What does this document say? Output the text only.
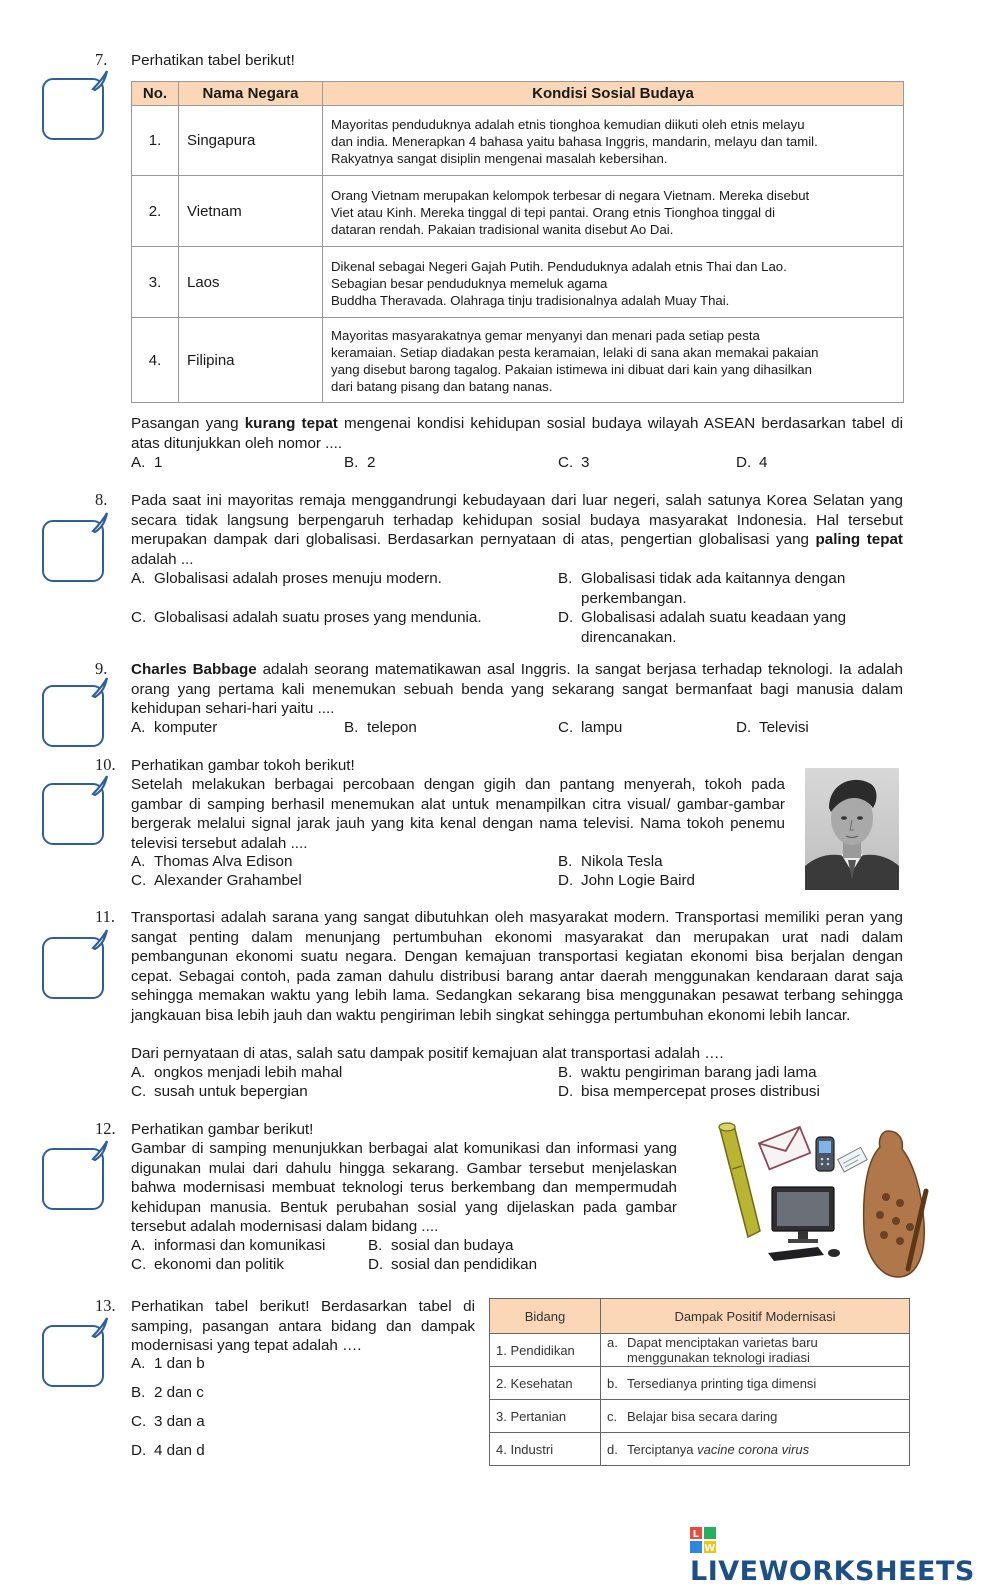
7. Perhatikan tabel berikut!
No.	Nama Negara	Kondisi Sosial Budaya
1.	Singapura	Mayoritas penduduknya adalah etnis tionghoa kemudian diikuti oleh etnis melayu
dan india. Menerapkan 4 bahasa yaitu bahasa Inggris, mandarin, melayu dan tamil.
Rakyatnya sangat disiplin mengenai masalah kebersihan.

2.	Vietnam	Orang Vietnam merupakan kelompok terbesar di negara Vietnam. Mereka disebut
Viet atau Kinh. Mereka tinggal di tepi pantai. Orang etnis Tionghoa tinggal di
dataran rendah. Pakaian tradisional wanita disebut Ao Dai.

3.	Laos	Dikenal sebagai Negeri Gajah Putih. Penduduknya adalah etnis Thai dan Lao.
Sebagian besar penduduknya memeluk agama
Buddha Theravada. Olahraga tinju tradisionalnya adalah Muay Thai.

4.	Filipina	Mayoritas masyarakatnya gemar menyanyi dan menari pada setiap pesta
keramaian. Setiap diadakan pesta keramaian, lelaki di sana akan memakai pakaian
yang disebut barong tagalog. Pakaian istimewa ini dibuat dari kain yang dihasilkan
dari batang pisang dan batang nanas.

Pasangan yang kurang tepat mengenai kondisi kehidupan sosial budaya wilayah ASEAN berdasarkan tabel di atas ditunjukkan oleh nomor ....

A. 1	B. 2	C. 3	D. 4
8. Pada saat ini mayoritas remaja menggandrungi kebudayaan dari luar negeri, salah satunya Korea Selatan yang secara tidak langsung berpengaruh terhadap kehidupan sosial budaya masyarakat Indonesia. Hal tersebut merupakan dampak dari globalisasi. Berdasarkan pernyataan di atas, pengertian globalisasi yang paling tepat adalah ...

A. Globalisasi adalah proses menuju modern.	B. Globalisasi tidak ada kaitannya dengan perkembangan.
C. Globalisasi adalah suatu proses yang mendunia.	D. Globalisasi adalah suatu keadaan yang direncanakan.
9. Charles Babbage adalah seorang matematikawan asal Inggris. Ia sangat berjasa terhadap teknologi. Ia adalah orang yang pertama kali menemukan sebuah benda yang sekarang sangat bermanfaat bagi manusia dalam kehidupan sehari-hari yaitu ....

A. komputer	B. telepon	C. lampu	D. Televisi
10. Perhatikan gambar tokoh berikut!

Setelah melakukan berbagai percobaan dengan gigih dan pantang menyerah, tokoh pada gambar di samping berhasil menemukan alat untuk menampilkan citra visual/ gambar-gambar bergerak melalui signal jarak jauh yang kita kenal dengan nama televisi. Nama tokoh penemu televisi tersebut adalah ....

A. Thomas Alva Edison	B. Nikola Tesla
C. Alexander Grahambel	D. John Logie Baird
11. Transportasi adalah sarana yang sangat dibutuhkan oleh masyarakat modern. Transportasi memiliki peran yang sangat penting dalam menunjang pertumbuhan ekonomi masyarakat dan merupakan urat nadi dalam pembangunan ekonomi suatu negara. Dengan kemajuan transportasi kegiatan ekonomi bisa berjalan dengan cepat. Sebagai contoh, pada zaman dahulu distribusi barang antar daerah menggunakan kendaraan darat saja sehingga memakan waktu yang lebih lama. Sedangkan sekarang bisa menggunakan pesawat terbang sehingga jangkauan bisa lebih jauh dan waktu pengiriman lebih singkat sehingga pertumbuhan ekonomi lebih lancar.

Dari pernyataan di atas, salah satu dampak positif kemajuan alat transportasi adalah ….
A. ongkos menjadi lebih mahal	B. waktu pengiriman barang jadi lama
C. susah untuk bepergian	D. bisa mempercepat proses distribusi
12. Perhatikan gambar berikut!

Gambar di samping menunjukkan berbagai alat komunikasi dan informasi yang digunakan mulai dari dahulu hingga sekarang. Gambar tersebut menjelaskan bahwa modernisasi membuat teknologi terus berkembang dan mempermudah kehidupan manusia. Bentuk perubahan sosial yang dijelaskan pada gambar tersebut adalah modernisasi dalam bidang ....

A. informasi dan komunikasi	B. sosial dan budaya
C. ekonomi dan politik	D. sosial dan pendidikan
13. Perhatikan tabel berikut! Berdasarkan tabel di samping, pasangan antara bidang dan dampak modernisasi yang tepat adalah ….

A. 1 dan b
B. 2 dan c
C. 3 dan a
D. 4 dan d
Bidang	Dampak Positif Modernisasi
1. Pendidikan	a. Dapat menciptakan varietas baru menggunakan teknologi iradiasi
2. Kesehatan	b. Tersedianya printing tiga dimensi
3. Pertanian	c. Belajar bisa secara daring
4. Industri	d. Terciptanya vacine corona virus
L
W
LIVEWORKSHEETS
